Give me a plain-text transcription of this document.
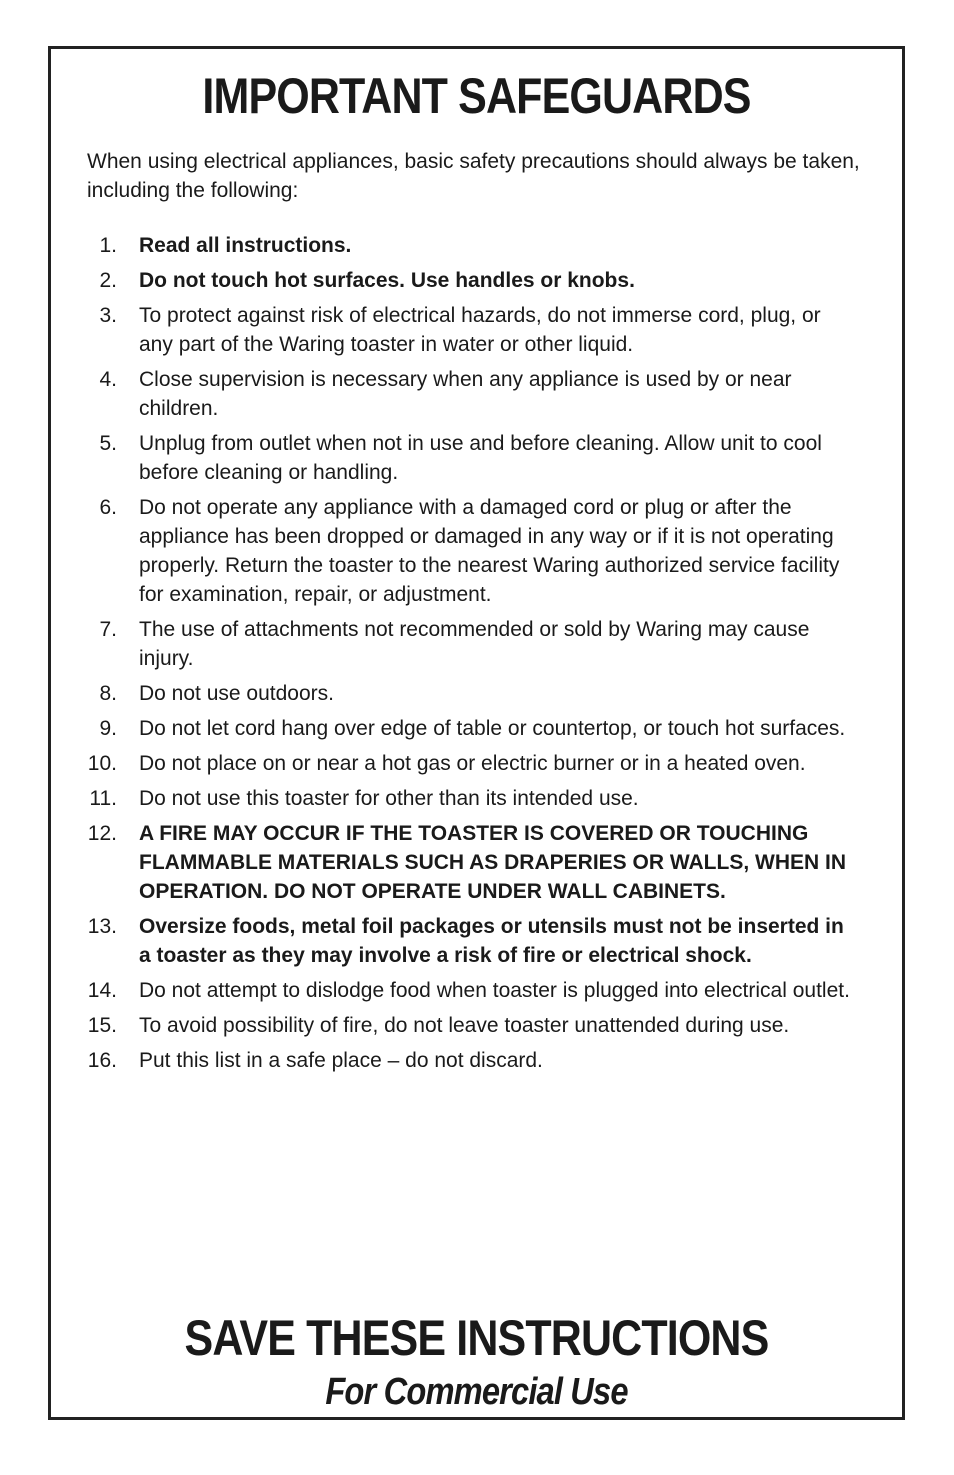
IMPORTANT SAFEGUARDS

When using electrical appliances, basic safety precautions should always be taken, including the following:

1.	Read all instructions.
2.	Do not touch hot surfaces. Use handles or knobs.
3.	To protect against risk of electrical hazards, do not immerse cord, plug, or any part of the Waring toaster in water or other liquid.
4.	Close supervision is necessary when any appliance is used by or near children.
5.	Unplug from outlet when not in use and before cleaning. Allow unit to cool before cleaning or handling.
6.	Do not operate any appliance with a damaged cord or plug or after the appliance has been dropped or damaged in any way or if it is not operating properly. Return the toaster to the nearest Waring authorized service facility for examination, repair, or adjustment.
7.	The use of attachments not recommended or sold by Waring may cause injury.
8.	Do not use outdoors.
9.	Do not let cord hang over edge of table or countertop, or touch hot surfaces.
10.	Do not place on or near a hot gas or electric burner or in a heated oven.
11.	Do not use this toaster for other than its intended use.
12.	A FIRE MAY OCCUR IF THE TOASTER IS COVERED OR TOUCHING FLAMMABLE MATERIALS SUCH AS DRAPERIES OR WALLS, WHEN IN OPERATION. DO NOT OPERATE UNDER WALL CABINETS.
13.	Oversize foods, metal foil packages or utensils must not be inserted in a toaster as they may involve a risk of fire or electrical shock.
14.	Do not attempt to dislodge food when toaster is plugged into electrical outlet.
15.	To avoid possibility of fire, do not leave toaster unattended during use.
16.	Put this list in a safe place – do not discard.
SAVE THESE INSTRUCTIONS

For Commercial Use
